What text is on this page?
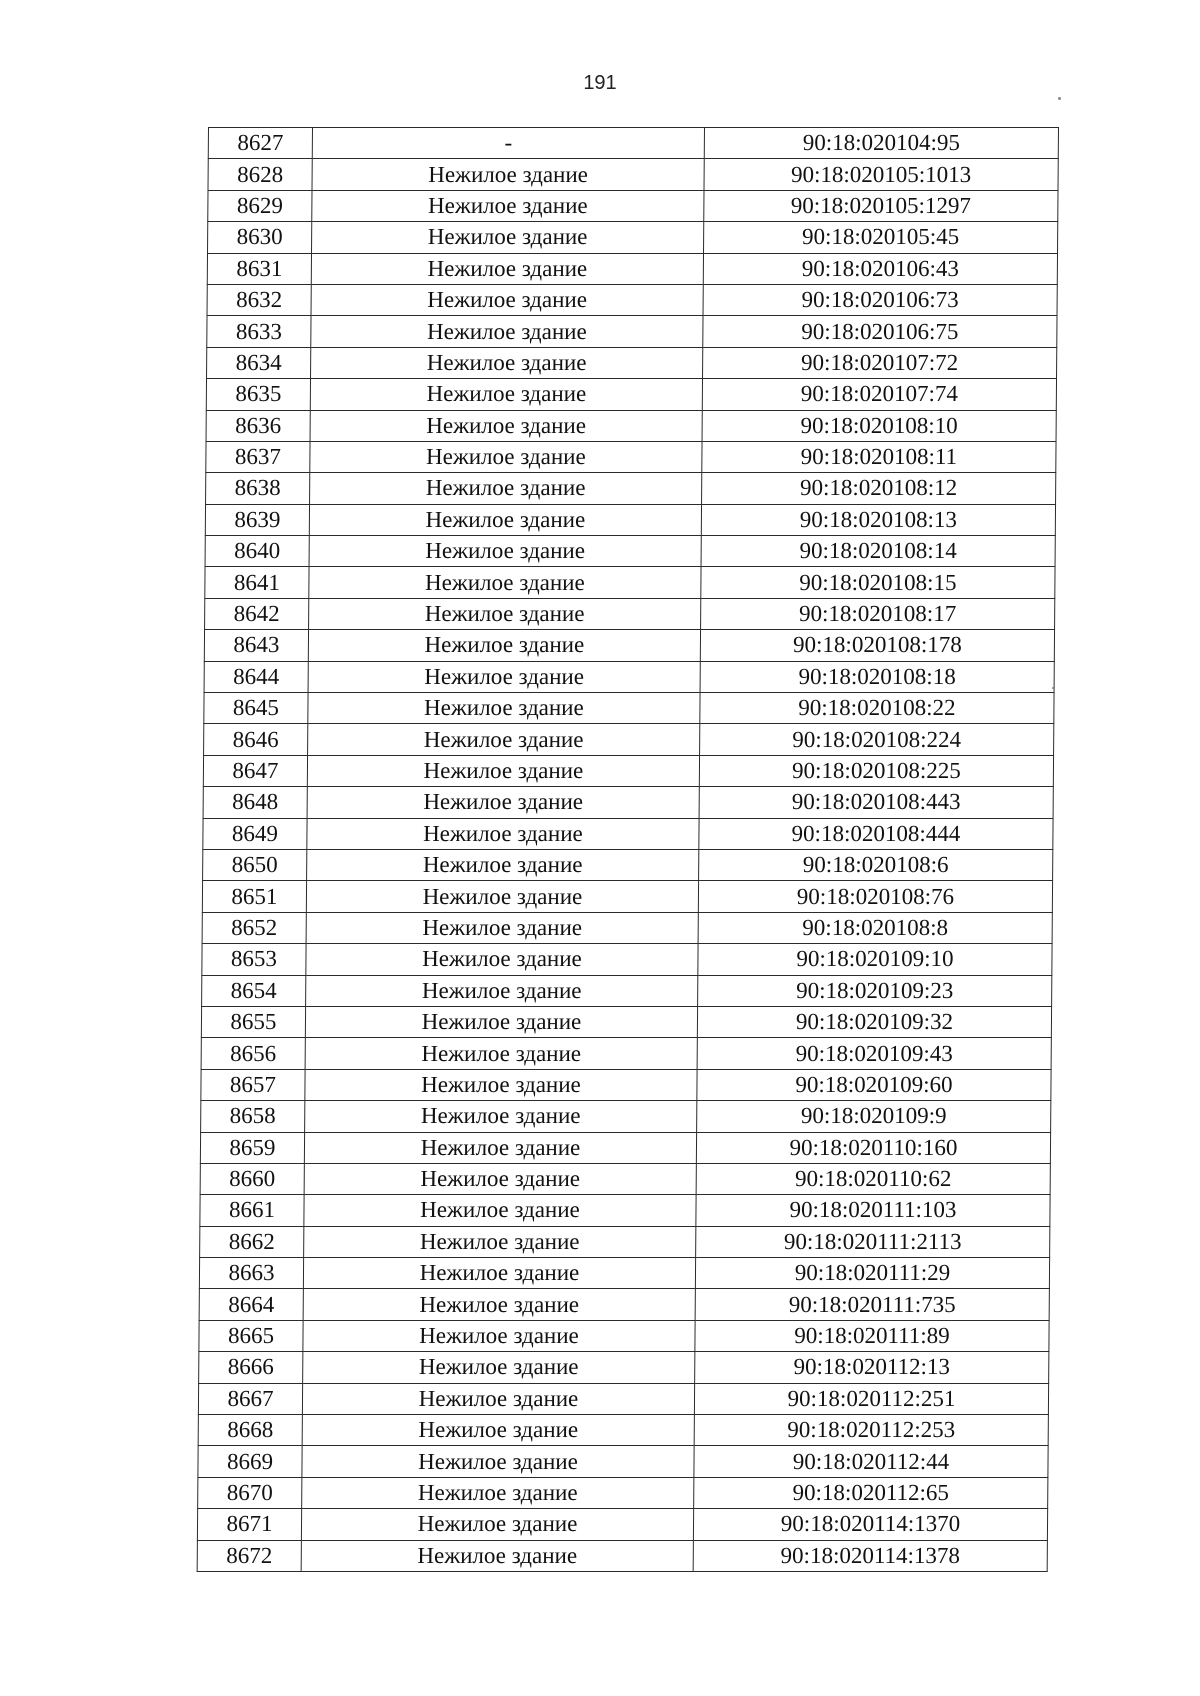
191
8627	-	90:18:020104:95
8628	Нежилое здание	90:18:020105:1013
8629	Нежилое здание	90:18:020105:1297
8630	Нежилое здание	90:18:020105:45
8631	Нежилое здание	90:18:020106:43
8632	Нежилое здание	90:18:020106:73
8633	Нежилое здание	90:18:020106:75
8634	Нежилое здание	90:18:020107:72
8635	Нежилое здание	90:18:020107:74
8636	Нежилое здание	90:18:020108:10
8637	Нежилое здание	90:18:020108:11
8638	Нежилое здание	90:18:020108:12
8639	Нежилое здание	90:18:020108:13
8640	Нежилое здание	90:18:020108:14
8641	Нежилое здание	90:18:020108:15
8642	Нежилое здание	90:18:020108:17
8643	Нежилое здание	90:18:020108:178
8644	Нежилое здание	90:18:020108:18
8645	Нежилое здание	90:18:020108:22
8646	Нежилое здание	90:18:020108:224
8647	Нежилое здание	90:18:020108:225
8648	Нежилое здание	90:18:020108:443
8649	Нежилое здание	90:18:020108:444
8650	Нежилое здание	90:18:020108:6
8651	Нежилое здание	90:18:020108:76
8652	Нежилое здание	90:18:020108:8
8653	Нежилое здание	90:18:020109:10
8654	Нежилое здание	90:18:020109:23
8655	Нежилое здание	90:18:020109:32
8656	Нежилое здание	90:18:020109:43
8657	Нежилое здание	90:18:020109:60
8658	Нежилое здание	90:18:020109:9
8659	Нежилое здание	90:18:020110:160
8660	Нежилое здание	90:18:020110:62
8661	Нежилое здание	90:18:020111:103
8662	Нежилое здание	90:18:020111:2113
8663	Нежилое здание	90:18:020111:29
8664	Нежилое здание	90:18:020111:735
8665	Нежилое здание	90:18:020111:89
8666	Нежилое здание	90:18:020112:13
8667	Нежилое здание	90:18:020112:251
8668	Нежилое здание	90:18:020112:253
8669	Нежилое здание	90:18:020112:44
8670	Нежилое здание	90:18:020112:65
8671	Нежилое здание	90:18:020114:1370
8672	Нежилое здание	90:18:020114:1378
